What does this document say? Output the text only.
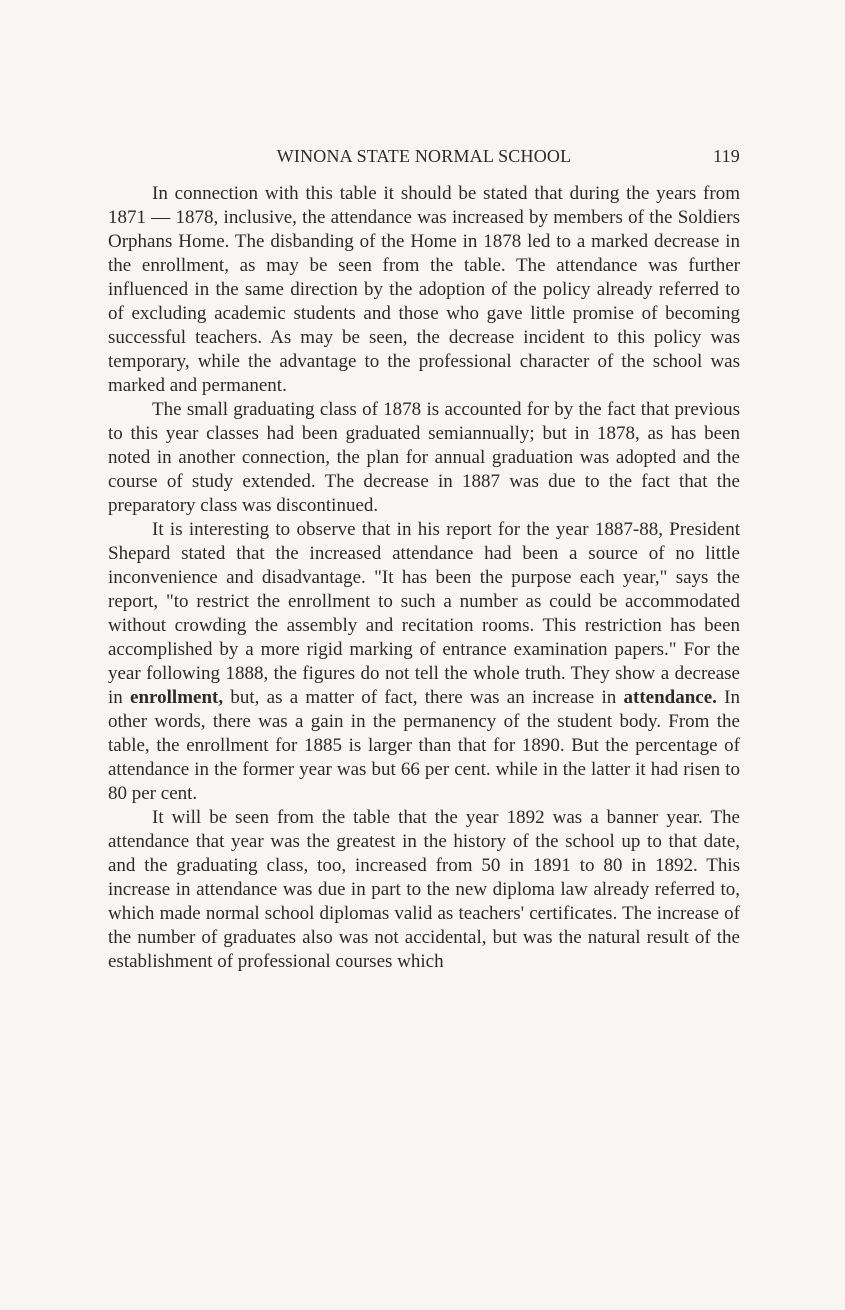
WINONA STATE NORMAL SCHOOL	119

In connection with this table it should be stated that during the years from 1871 — 1878, inclusive, the attendance was increased by members of the Soldiers Orphans Home. The disbanding of the Home in 1878 led to a marked decrease in the enrollment, as may be seen from the table. The attendance was further influenced in the same direction by the adoption of the policy already referred to of excluding academic students and those who gave little promise of becoming successful teachers. As may be seen, the decrease incident to this policy was temporary, while the advantage to the professional character of the school was marked and permanent.

The small graduating class of 1878 is accounted for by the fact that previous to this year classes had been graduated semiannually; but in 1878, as has been noted in another connection, the plan for annual graduation was adopted and the course of study extended. The decrease in 1887 was due to the fact that the preparatory class was discontinued.

It is interesting to observe that in his report for the year 1887-88, President Shepard stated that the increased attendance had been a source of no little inconvenience and disadvantage. "It has been the purpose each year," says the report, "to restrict the enrollment to such a number as could be accommodated without crowding the assembly and recitation rooms. This restriction has been accomplished by a more rigid marking of entrance examination papers." For the year following 1888, the figures do not tell the whole truth. They show a decrease in enrollment, but, as a matter of fact, there was an increase in attendance. In other words, there was a gain in the permanency of the student body. From the table, the enrollment for 1885 is larger than that for 1890. But the percentage of attendance in the former year was but 66 per cent. while in the latter it had risen to 80 per cent.

It will be seen from the table that the year 1892 was a banner year. The attendance that year was the greatest in the history of the school up to that date, and the graduating class, too, increased from 50 in 1891 to 80 in 1892. This increase in attendance was due in part to the new diploma law already referred to, which made normal school diplomas valid as teachers' certificates. The increase of the number of graduates also was not accidental, but was the natural result of the establishment of professional courses which
